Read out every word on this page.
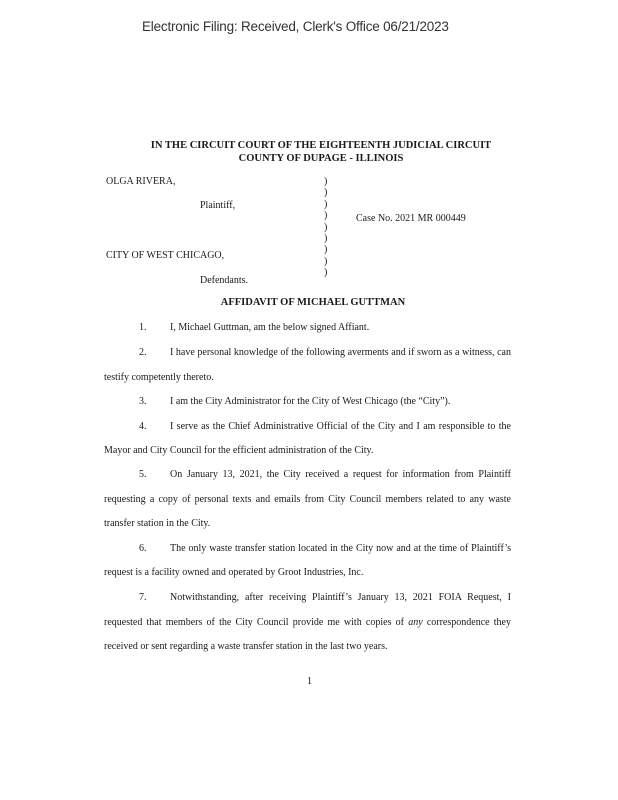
Electronic Filing: Received, Clerk's Office 06/21/2023
IN THE CIRCUIT COURT OF THE EIGHTEENTH JUDICIAL CIRCUIT
COUNTY OF DUPAGE - ILLINOIS
OLGA RIVERA,
Plaintiff,
v.
CITY OF WEST CHICAGO,
Defendants.
)
)
)
)
)
)
)
)
)
Case No. 2021 MR 000449
AFFIDAVIT OF MICHAEL GUTTMAN
1. I, Michael Guttman, am the below signed Affiant.
2. I have personal knowledge of the following averments and if sworn as a witness, can
testify competently thereto.
3. I am the City Administrator for the City of West Chicago (the “City”).
4. I serve as the Chief Administrative Official of the City and I am responsible to the
Mayor and City Council for the efficient administration of the City.
5. On January 13, 2021, the City received a request for information from Plaintiff
requesting a copy of personal texts and emails from City Council members related to any waste
transfer station in the City.
6. The only waste transfer station located in the City now and at the time of Plaintiff’s
request is a facility owned and operated by Groot Industries, Inc.
7. Notwithstanding, after receiving Plaintiff’s January 13, 2021 FOIA Request, I
requested that members of the City Council provide me with copies of any correspondence they
received or sent regarding a waste transfer station in the last two years.
1
